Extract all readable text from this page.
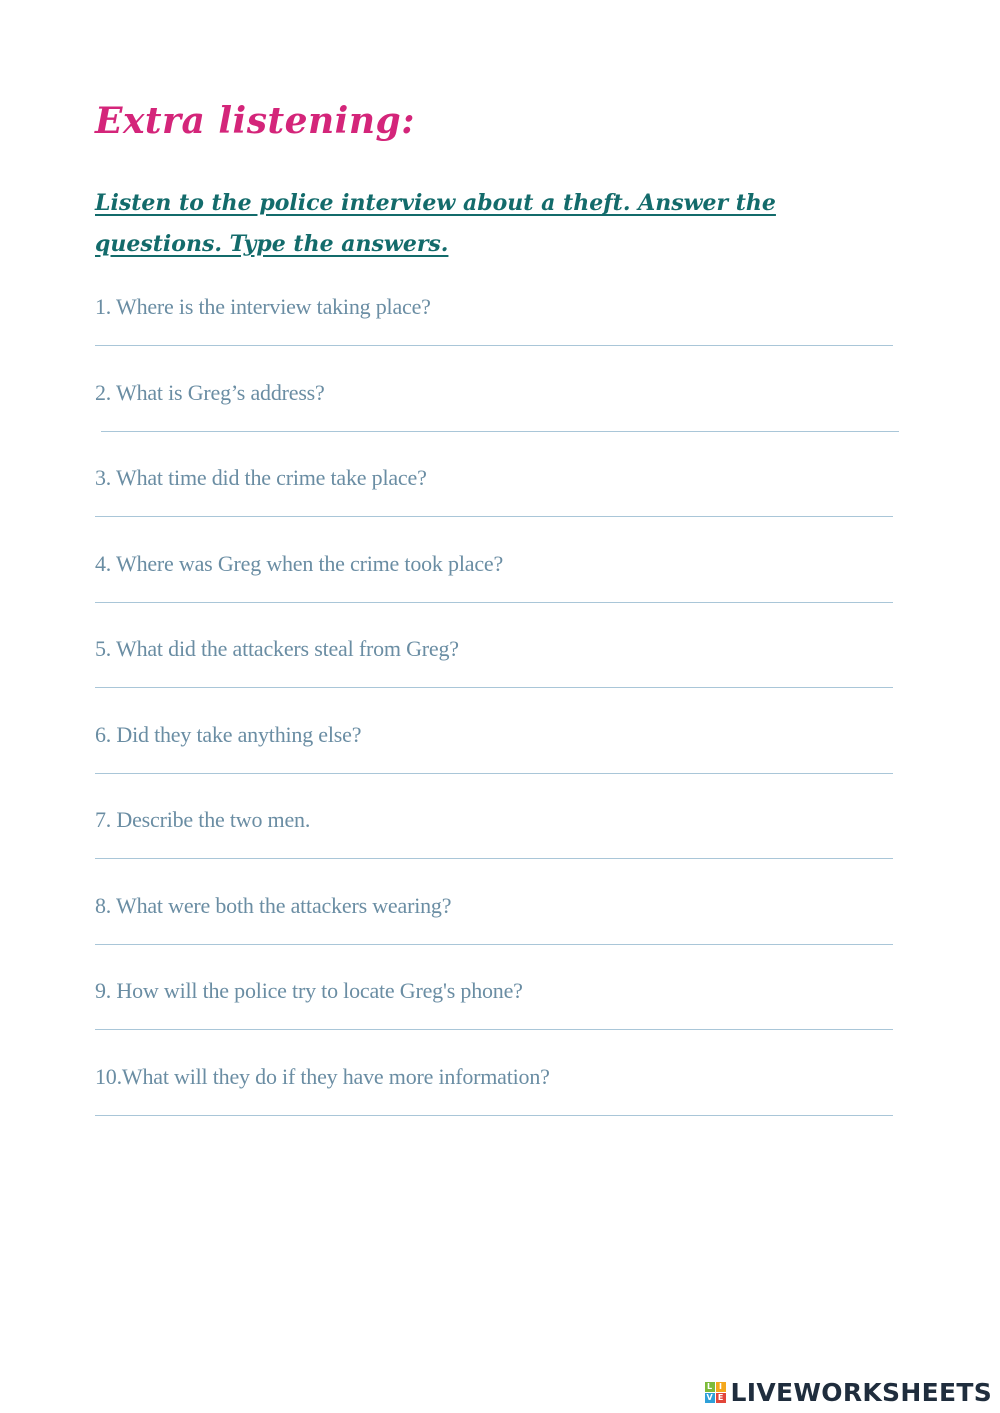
Extra listening:
Listen to the police interview about a theft. Answer the questions. Type the answers.
1. Where is the interview taking place?
2. What is Greg’s address?
3. What time did the crime take place?
4. Where was Greg when the crime took place?
5. What did the attackers steal from Greg?
6. Did they take anything else?
7. Describe the two men.
8. What were both the attackers wearing?
9. How will the police try to locate Greg's phone?
10.What will they do if they have more information?
L I
V E LIVEWORKSHEETS
